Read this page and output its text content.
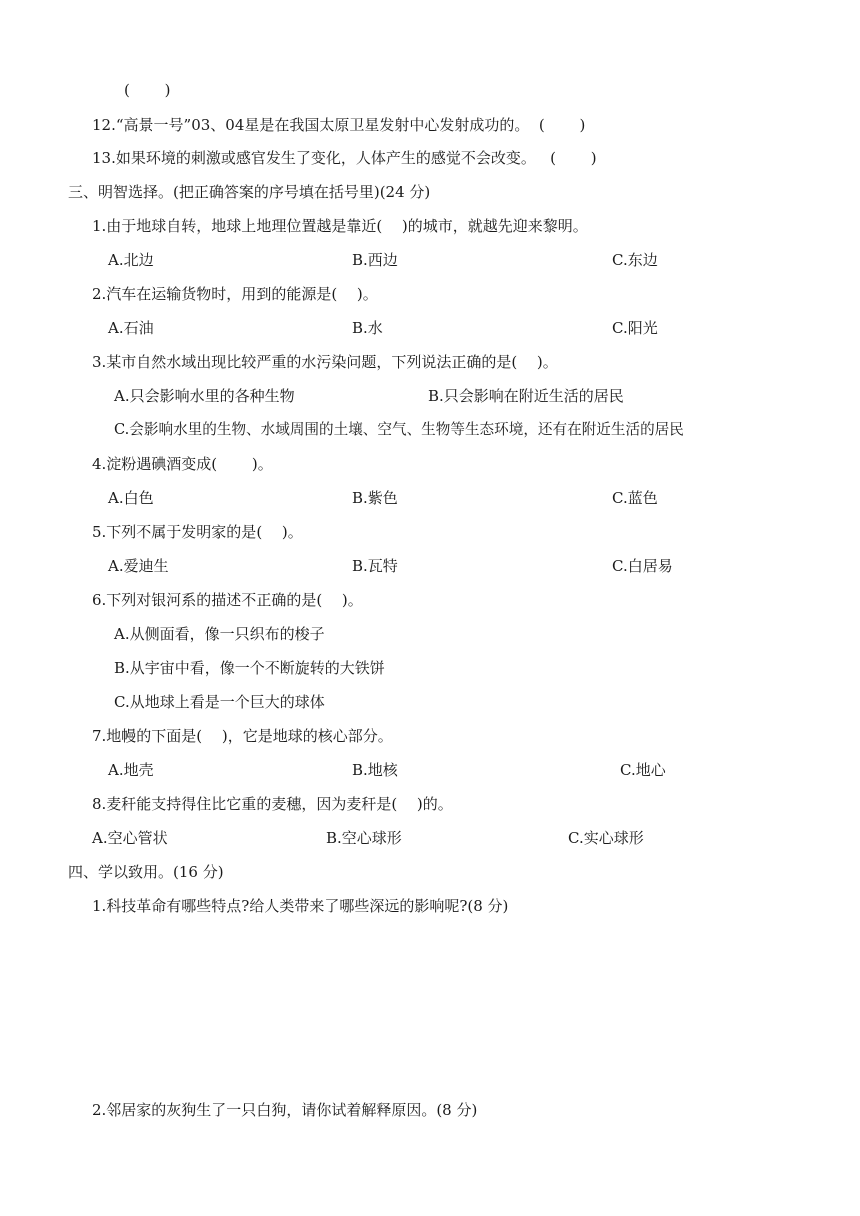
(　 　)
12.“高景一号”03、04星是在我国太原卫星发射中心发射成功的。  (　 　)
13.如果环境的刺激或感官发生了变化，人体产生的感觉不会改变。   (　 　)
三、明智选择。(把正确答案的序号填在括号里)(24 分)
1.由于地球自转，地球上地理位置越是靠近(　 )的城市，就越先迎来黎明。
A.北边	B.西边	C.东边
2.汽车在运输货物时，用到的能源是(　 )。
A.石油	B.水	C.阳光
3.某市自然水域出现比较严重的水污染问题，下列说法正确的是(　 )。
A.只会影响水里的各种生物	B.只会影响在附近生活的居民
C.会影响水里的生物、水域周围的土壤、空气、生物等生态环境，还有在附近生活的居民
4.淀粉遇碘酒变成(　 　)。
A.白色	B.紫色	C.蓝色
5.下列不属于发明家的是(　 )。
A.爱迪生	B.瓦特	C.白居易
6.下列对银河系的描述不正确的是(　 )。
A.从侧面看，像一只织布的梭子
B.从宇宙中看，像一个不断旋转的大铁饼
C.从地球上看是一个巨大的球体
7.地幔的下面是(　 )，它是地球的核心部分。
A.地壳	B.地核	C.地心
8.麦秆能支持得住比它重的麦穗，因为麦秆是(　 )的。
A.空心管状	B.空心球形	C.实心球形
四、学以致用。(16 分)
1.科技革命有哪些特点?给人类带来了哪些深远的影响呢?(8 分)
2.邻居家的灰狗生了一只白狗，请你试着解释原因。(8 分)
